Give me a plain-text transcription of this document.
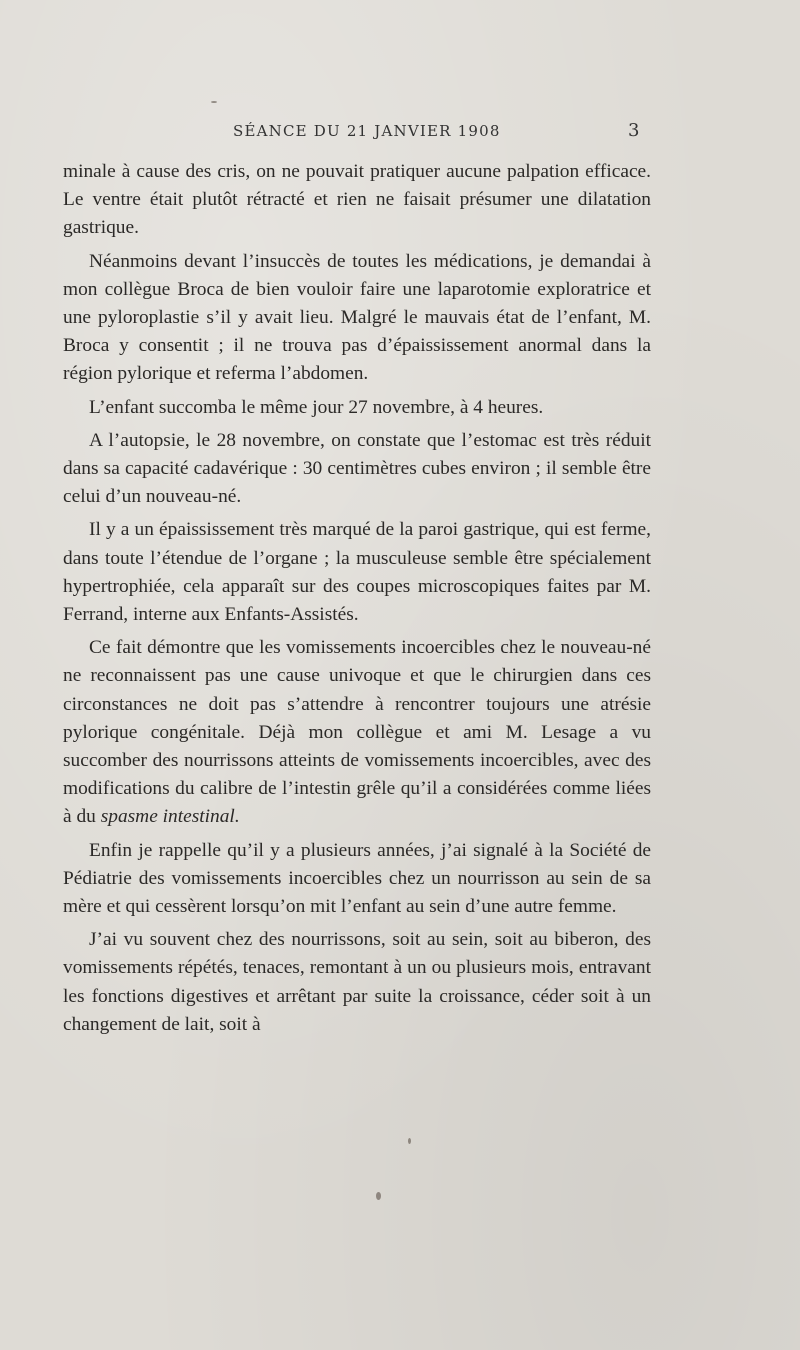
SÉANCE DU 21 JANVIER 1908	3

minale à cause des cris, on ne pouvait pratiquer aucune palpation efficace. Le ventre était plutôt rétracté et rien ne faisait présumer une dilatation gastrique.

Néanmoins devant l’insuccès de toutes les médications, je demandai à mon collègue Broca de bien vouloir faire une laparotomie exploratrice et une pyloroplastie s’il y avait lieu. Malgré le mauvais état de l’enfant, M. Broca y consentit ; il ne trouva pas d’épaississement anormal dans la région pylorique et referma l’abdomen.

L’enfant succomba le même jour 27 novembre, à 4 heures.

A l’autopsie, le 28 novembre, on constate que l’estomac est très réduit dans sa capacité cadavérique : 30 centimètres cubes environ ; il semble être celui d’un nouveau-né.

Il y a un épaississement très marqué de la paroi gastrique, qui est ferme, dans toute l’étendue de l’organe ; la musculeuse semble être spécialement hypertrophiée, cela apparaît sur des coupes microscopiques faites par M. Ferrand, interne aux Enfants-Assistés.

Ce fait démontre que les vomissements incoercibles chez le nouveau-né ne reconnaissent pas une cause univoque et que le chirurgien dans ces circonstances ne doit pas s’attendre à rencontrer toujours une atrésie pylorique congénitale. Déjà mon collègue et ami M. Lesage a vu succomber des nourrissons atteints de vomissements incoercibles, avec des modifications du calibre de l’intestin grêle qu’il a considérées comme liées à du spasme intestinal.

Enfin je rappelle qu’il y a plusieurs années, j’ai signalé à la Société de Pédiatrie des vomissements incoercibles chez un nourrisson au sein de sa mère et qui cessèrent lorsqu’on mit l’enfant au sein d’une autre femme.

J’ai vu souvent chez des nourrissons, soit au sein, soit au biberon, des vomissements répétés, tenaces, remontant à un ou plusieurs mois, entravant les fonctions digestives et arrêtant par suite la croissance, céder soit à un changement de lait, soit à
